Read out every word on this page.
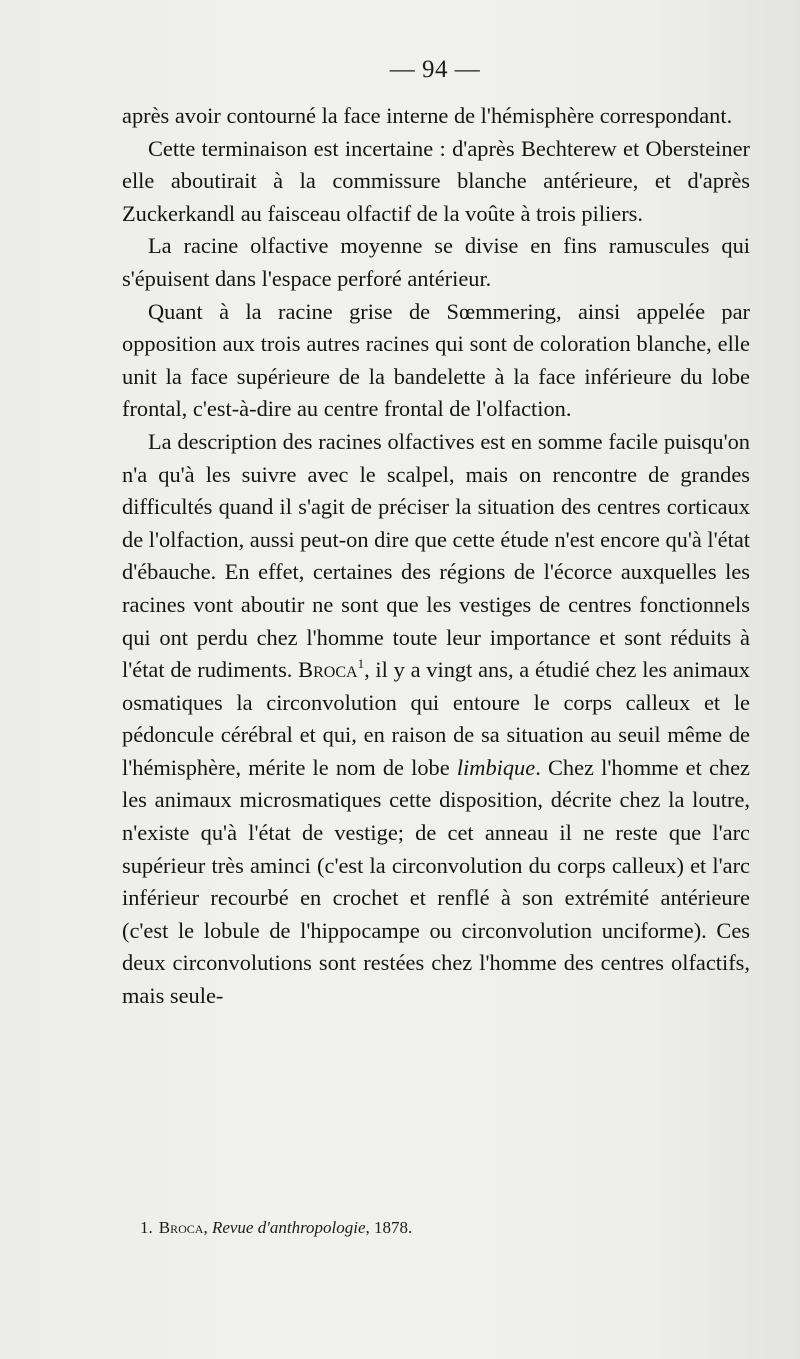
— 94 —

après avoir contourné la face interne de l'hémisphère correspondant.

Cette terminaison est incertaine : d'après Bechterew et Obersteiner elle aboutirait à la commissure blanche antérieure, et d'après Zuckerkandl au faisceau olfactif de la voûte à trois piliers.

La racine olfactive moyenne se divise en fins ramuscules qui s'épuisent dans l'espace perforé antérieur.

Quant à la racine grise de Sœmmering, ainsi appelée par opposition aux trois autres racines qui sont de coloration blanche, elle unit la face supérieure de la bandelette à la face inférieure du lobe frontal, c'est-à-dire au centre frontal de l'olfaction.

La description des racines olfactives est en somme facile puisqu'on n'a qu'à les suivre avec le scalpel, mais on rencontre de grandes difficultés quand il s'agit de préciser la situation des centres corticaux de l'olfaction, aussi peut-on dire que cette étude n'est encore qu'à l'état d'ébauche. En effet, certaines des régions de l'écorce auxquelles les racines vont aboutir ne sont que les vestiges de centres fonctionnels qui ont perdu chez l'homme toute leur importance et sont réduits à l'état de rudiments. Broca$^1$, il y a vingt ans, a étudié chez les animaux osmatiques la circonvolution qui entoure le corps calleux et le pédoncule cérébral et qui, en raison de sa situation au seuil même de l'hémisphère, mérite le nom de lobe limbique. Chez l'homme et chez les animaux microsmatiques cette disposition, décrite chez la loutre, n'existe qu'à l'état de vestige; de cet anneau il ne reste que l'arc supérieur très aminci (c'est la circonvolution du corps calleux) et l'arc inférieur recourbé en crochet et renflé à son extrémité antérieure (c'est le lobule de l'hippocampe ou circonvolution unciforme). Ces deux circonvolutions sont restées chez l'homme des centres olfactifs, mais seule-

1. Broca, Revue d'anthropologie, 1878.
